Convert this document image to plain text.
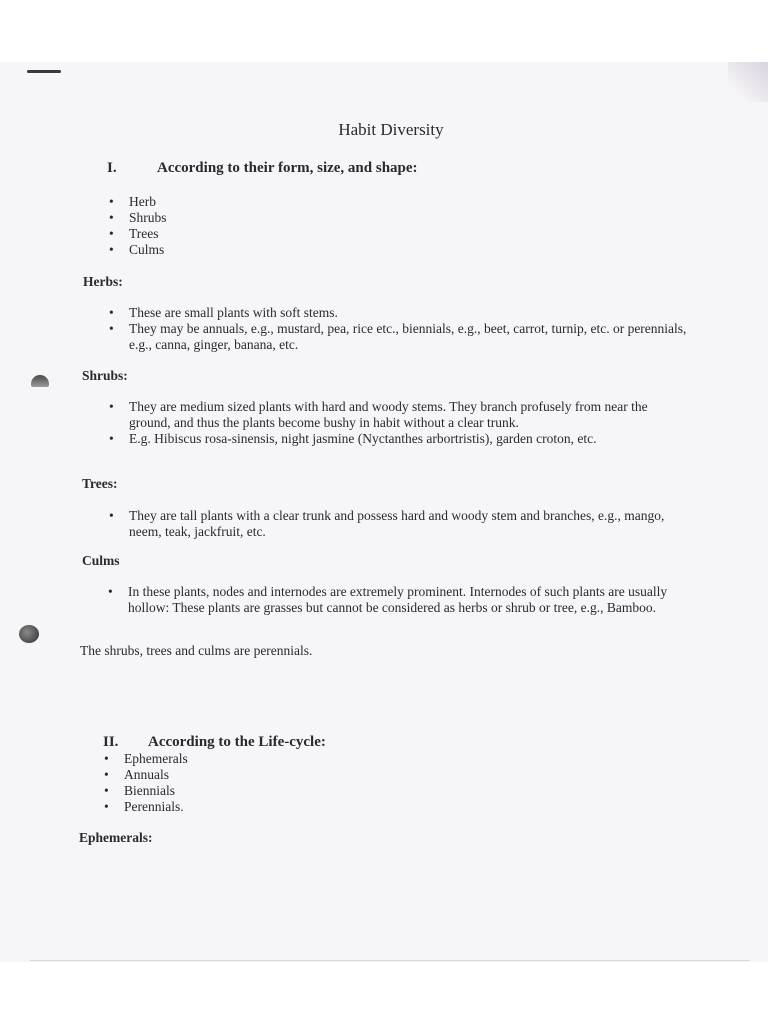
Habit Diversity
I.	According to their form, size, and shape:
• Herb
• Shrubs
• Trees
• Culms
Herbs:
• These are small plants with soft stems.
• They may be annuals, e.g., mustard, pea, rice etc., biennials, e.g., beet, carrot, turnip, etc. or perennials, e.g., canna, ginger, banana, etc.
Shrubs:
• They are medium sized plants with hard and woody stems. They branch profusely from near the ground, and thus the plants become bushy in habit without a clear trunk.
• E.g. Hibiscus rosa-sinensis, night jasmine (Nyctanthes arbortristis), garden croton, etc.
Trees:
• They are tall plants with a clear trunk and possess hard and woody stem and branches, e.g., mango, neem, teak, jackfruit, etc.
Culms
• In these plants, nodes and internodes are extremely prominent. Internodes of such plants are usually hollow: These plants are grasses but cannot be considered as herbs or shrub or tree, e.g., Bamboo.

The shrubs, trees and culms are perennials.

II. According to the Life-cycle:
• Ephemerals
• Annuals
• Biennials
• Perennials.
Ephemerals:
